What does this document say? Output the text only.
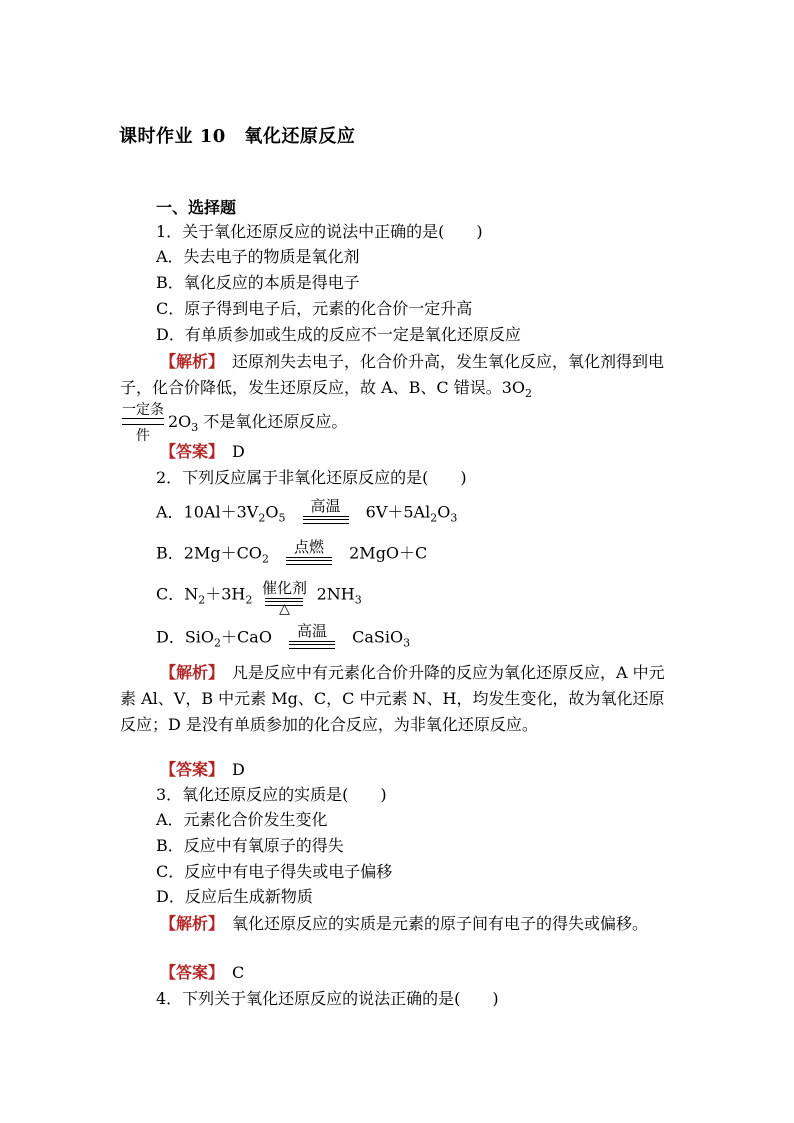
课时作业 10　氧化还原反应
一、选择题
1．关于氧化还原反应的说法中正确的是(　　)
A．失去电子的物质是氧化剂
B．氧化反应的本质是得电子
C．原子得到电子后，元素的化合价一定升高
D．有单质参加或生成的反应不一定是氧化还原反应
【解析】　 还原剂失去电子，化合价升高，发生氧化反应，氧化剂得到电子，化合价降低，发生还原反应，故 A、B、C 错误。$3O_2$

一定条件
$2O_3$ 不是氧化还原反应。
【答案】　 D
2．下列反应属于非氧化还原反应的是(　　)
A．$10Al+3V_2O_5$
高温	$6V+5Al_2O_3$
B．$2Mg+CO_2$
点燃	2MgO＋C
C．$N_2+3H_2$
催化剂
△
$2NH_3$
D．SiO$_2$＋CaO	高温	CaSiO$_3$
【解析】　 凡是反应中有元素化合价升降的反应为氧化还原反应，A 中元素 Al、V，B 中元素 Mg、C，C 中元素 N、H，均发生变化，故为氧化还原反应；D 是没有单质参加的化合反应，为非氧化还原反应。
【答案】　 D
3．氧化还原反应的实质是(　　)
A．元素化合价发生变化
B．反应中有氧原子的得失
C．反应中有电子得失或电子偏移
D．反应后生成新物质
【解析】　 氧化还原反应的实质是元素的原子间有电子的得失或偏移。
【答案】　 C
4．下列关于氧化还原反应的说法正确的是(　　)
